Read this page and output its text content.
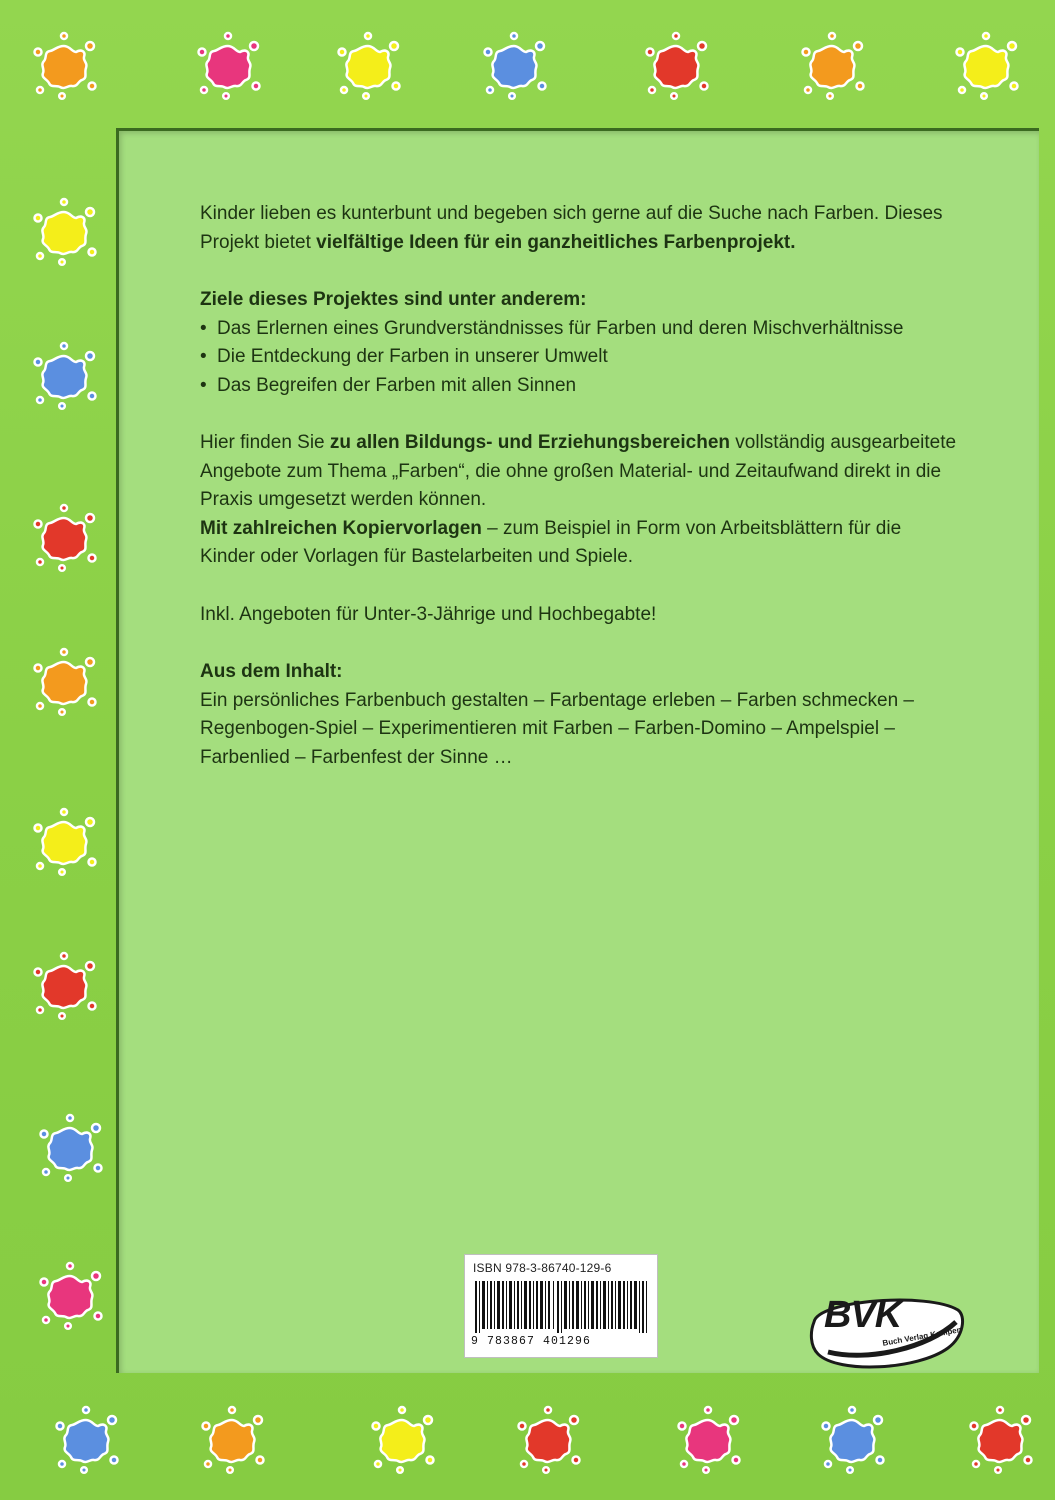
Kinder lieben es kunterbunt und begeben sich gerne auf die Suche nach Farben. Dieses Projekt bietet vielfältige Ideen für ein ganzheitliches Farbenprojekt.

Ziele dieses Projektes sind unter anderem:

• Das Erlernen eines Grundverständnisses für Farben und deren Mischverhältnisse
• Die Entdeckung der Farben in unserer Umwelt
• Das Begreifen der Farben mit allen Sinnen

Hier finden Sie zu allen Bildungs- und Erziehungsbereichen vollständig ausgearbeitete Angebote zum Thema „Farben“, die ohne großen Material- und Zeitaufwand direkt in die Praxis umgesetzt werden können.

Mit zahlreichen Kopiervorlagen – zum Beispiel in Form von Arbeitsblättern für die Kinder oder Vorlagen für Bastelarbeiten und Spiele.

Inkl. Angeboten für Unter-3-Jährige und Hochbegabte!

Aus dem Inhalt:

Ein persönliches Farbenbuch gestalten – Farbentage erleben – Farben schmecken – Regenbogen-Spiel – Experimentieren mit Farben – Farben-Domino – Ampelspiel – Farbenlied – Farbenfest der Sinne …

ISBN 978-3-86740-129-6
9 783867 401296
BVK
Buch Verlag Kempen
